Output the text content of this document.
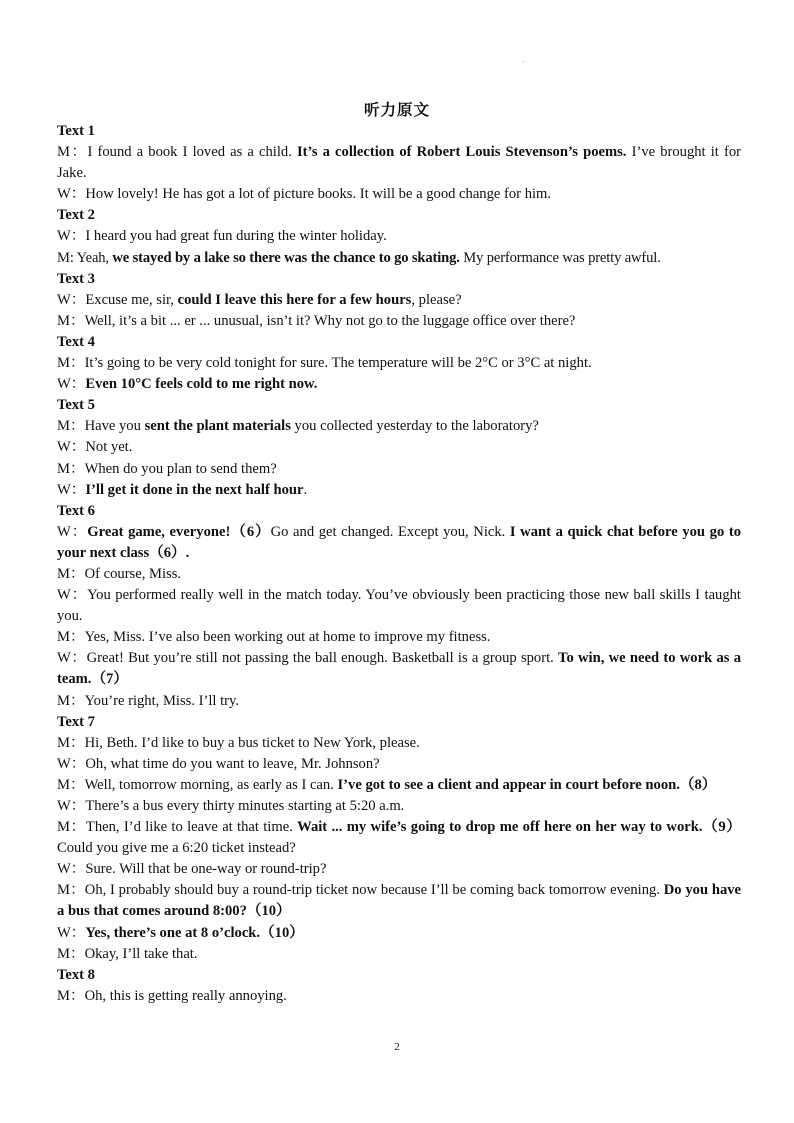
·
听力原文

Text 1

M：I found a book I loved as a child. It’s a collection of Robert Louis Stevenson’s poems. I’ve brought it for Jake.

W：How lovely! He has got a lot of picture books. It will be a good change for him.

Text 2

W：I heard you had great fun during the winter holiday.

M: Yeah, we stayed by a lake so there was the chance to go skating. My performance was pretty awful.

Text 3

W：Excuse me, sir, could I leave this here for a few hours, please?

M：Well, it’s a bit ... er ... unusual, isn’t it? Why not go to the luggage office over there?

Text 4

M：It’s going to be very cold tonight for sure. The temperature will be 2°C or 3°C at night.

W：Even 10°C feels cold to me right now.

Text 5

M：Have you sent the plant materials you collected yesterday to the laboratory?

W：Not yet.

M：When do you plan to send them?

W：I’ll get it done in the next half hour.

Text 6

W：Great game, everyone!（6）Go and get changed. Except you, Nick. I want a quick chat before you go to your next class（6）.

M：Of course, Miss.

W：You performed really well in the match today. You’ve obviously been practicing those new ball skills I taught you.

M：Yes, Miss. I’ve also been working out at home to improve my fitness.

W：Great! But you’re still not passing the ball enough. Basketball is a group sport. To win, we need to work as a team.（7）

M：You’re right, Miss. I’ll try.

Text 7

M：Hi, Beth. I’d like to buy a bus ticket to New York, please.

W：Oh, what time do you want to leave, Mr. Johnson?

M：Well, tomorrow morning, as early as I can. I’ve got to see a client and appear in court before noon.（8）

W：There’s a bus every thirty minutes starting at 5:20 a.m.

M：Then, I’d like to leave at that time. Wait ... my wife’s going to drop me off here on her way to work.（9）Could you give me a 6:20 ticket instead?

W：Sure. Will that be one-way or round-trip?

M：Oh, I probably should buy a round-trip ticket now because I’ll be coming back tomorrow evening. Do you have a bus that comes around 8:00?（10）

W：Yes, there’s one at 8 o’clock.（10）

M：Okay, I’ll take that.

Text 8

M：Oh, this is getting really annoying.

2
